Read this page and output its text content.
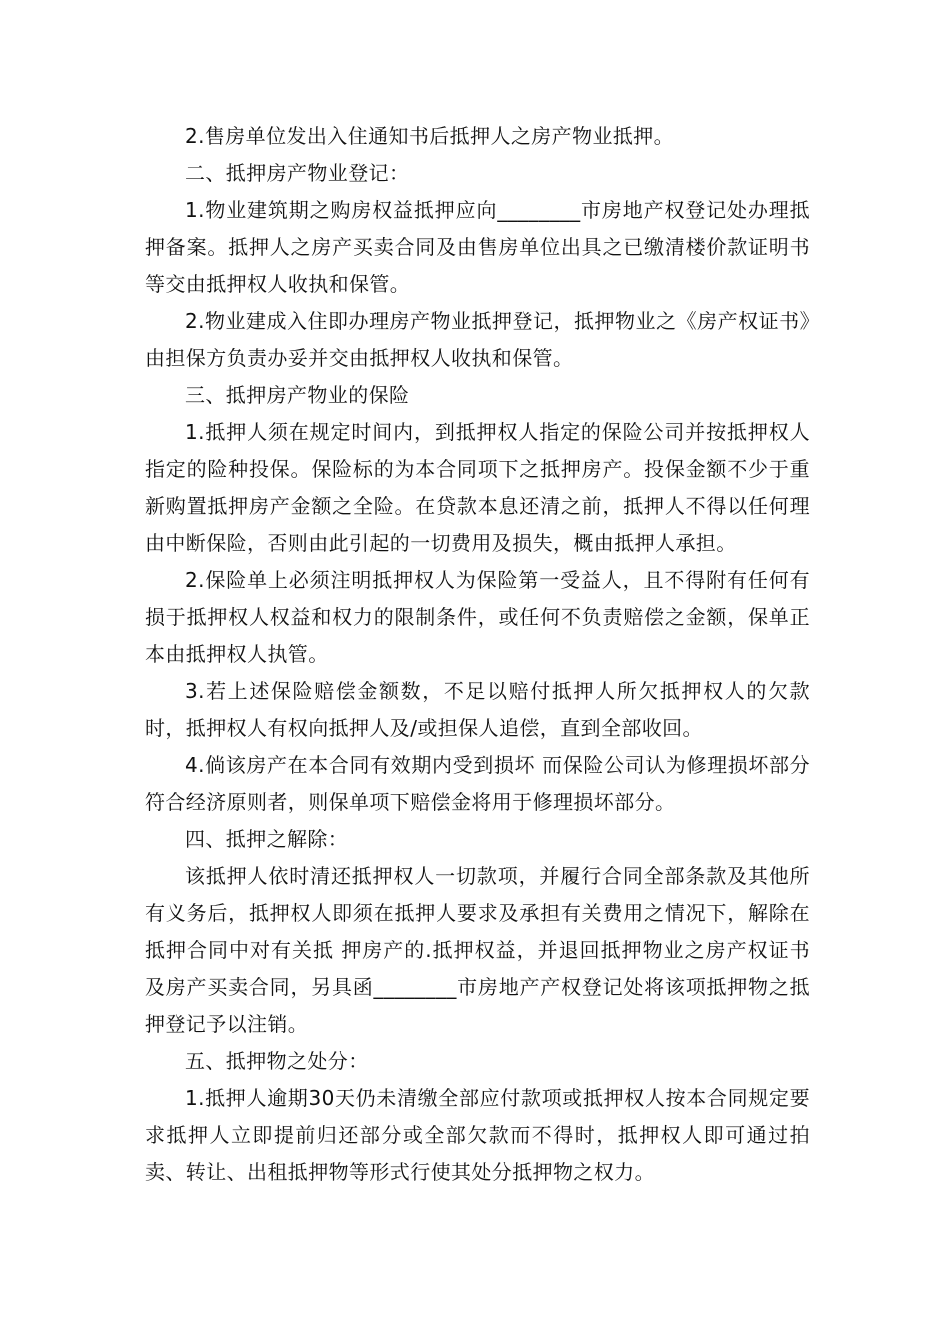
2.售房单位发出入住通知书后抵押人之房产物业抵押。

二、抵押房产物业登记：

1.物业建筑期之购房权益抵押应向________市房地产权登记处办理抵押备案。抵押人之房产买卖合同及由售房单位出具之已缴清楼价款证明书等交由抵押权人收执和保管。

2.物业建成入住即办理房产物业抵押登记，抵押物业之《房产权证书》由担保方负责办妥并交由抵押权人收执和保管。

三、抵押房产物业的保险

1.抵押人须在规定时间内，到抵押权人指定的保险公司并按抵押权人指定的险种投保。保险标的为本合同项下之抵押房产。投保金额不少于重新购置抵押房产金额之全险。在贷款本息还清之前，抵押人不得以任何理由中断保险，否则由此引起的一切费用及损失，概由抵押人承担。

2.保险单上必须注明抵押权人为保险第一受益人，且不得附有任何有损于抵押权人权益和权力的限制条件，或任何不负责赔偿之金额，保单正本由抵押权人执管。

3.若上述保险赔偿金额数，不足以赔付抵押人所欠抵押权人的欠款时，抵押权人有权向抵押人及/或担保人追偿，直到全部收回。

4.倘该房产在本合同有效期内受到损坏 而保险公司认为修理损坏部分符合经济原则者，则保单项下赔偿金将用于修理损坏部分。

四、抵押之解除：

该抵押人依时清还抵押权人一切款项，并履行合同全部条款及其他所有义务后，抵押权人即须在抵押人要求及承担有关费用之情况下，解除在抵押合同中对有关抵 押房产的.抵押权益，并退回抵押物业之房产权证书及房产买卖合同，另具函________市房地产产权登记处将该项抵押物之抵押登记予以注销。

五、抵押物之处分：

1.抵押人逾期30天仍未清缴全部应付款项或抵押权人按本合同规定要求抵押人立即提前归还部分或全部欠款而不得时，抵押权人即可通过拍卖、转让、出租抵押物等形式行使其处分抵押物之权力。
